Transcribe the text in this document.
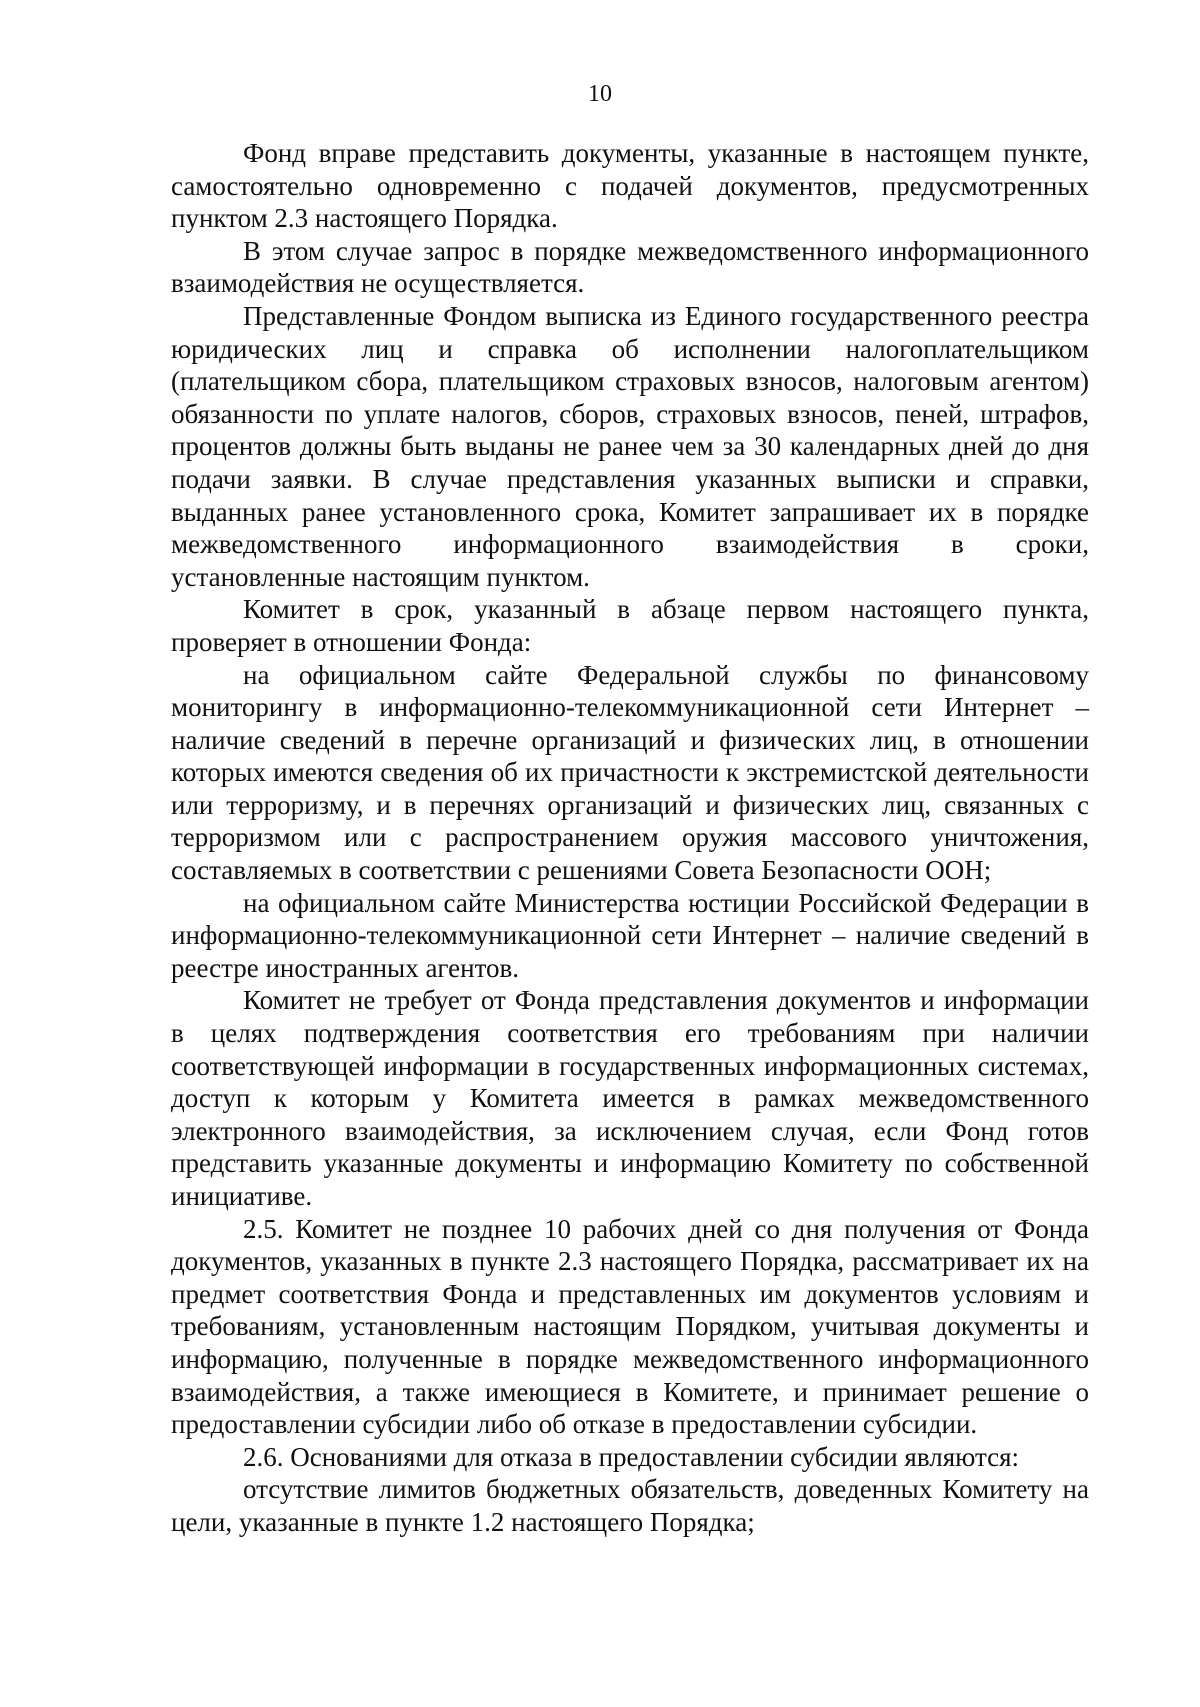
10

Фонд вправе представить документы, указанные в настоящем пункте, самостоятельно одновременно с подачей документов, предусмотренных пунктом 2.3 настоящего Порядка.

В этом случае запрос в порядке межведомственного информационного взаимодействия не осуществляется.

Представленные Фондом выписка из Единого государственного реестра юридических лиц и справка об исполнении налогоплательщиком (плательщиком сбора, плательщиком страховых взносов, налоговым агентом) обязанности по уплате налогов, сборов, страховых взносов, пеней, штрафов, процентов должны быть выданы не ранее чем за 30 календарных дней до дня подачи заявки. В случае представления указанных выписки и справки, выданных ранее установленного срока, Комитет запрашивает их в порядке межведомственного информационного взаимодействия в сроки, установленные настоящим пунктом.

Комитет в срок, указанный в абзаце первом настоящего пункта, проверяет в отношении Фонда:

на официальном сайте Федеральной службы по финансовому мониторингу в информационно-телекоммуникационной сети Интернет – наличие сведений в перечне организаций и физических лиц, в отношении которых имеются сведения об их причастности к экстремистской деятельности или терроризму, и в перечнях организаций и физических лиц, связанных с терроризмом или с распространением оружия массового уничтожения, составляемых в соответствии с решениями Совета Безопасности ООН;

на официальном сайте Министерства юстиции Российской Федерации в информационно-телекоммуникационной сети Интернет – наличие сведений в реестре иностранных агентов.

Комитет не требует от Фонда представления документов и информации в целях подтверждения соответствия его требованиям при наличии соответствующей информации в государственных информационных системах, доступ к которым у Комитета имеется в рамках межведомственного электронного взаимодействия, за исключением случая, если Фонд готов представить указанные документы и информацию Комитету по собственной инициативе.

2.5. Комитет не позднее 10 рабочих дней со дня получения от Фонда документов, указанных в пункте 2.3 настоящего Порядка, рассматривает их на предмет соответствия Фонда и представленных им документов условиям и требованиям, установленным настоящим Порядком, учитывая документы и информацию, полученные в порядке межведомственного информационного взаимодействия, а также имеющиеся в Комитете, и принимает решение о предоставлении субсидии либо об отказе в предоставлении субсидии.

2.6. Основаниями для отказа в предоставлении субсидии являются:

отсутствие лимитов бюджетных обязательств, доведенных Комитету на цели, указанные в пункте 1.2 настоящего Порядка;
